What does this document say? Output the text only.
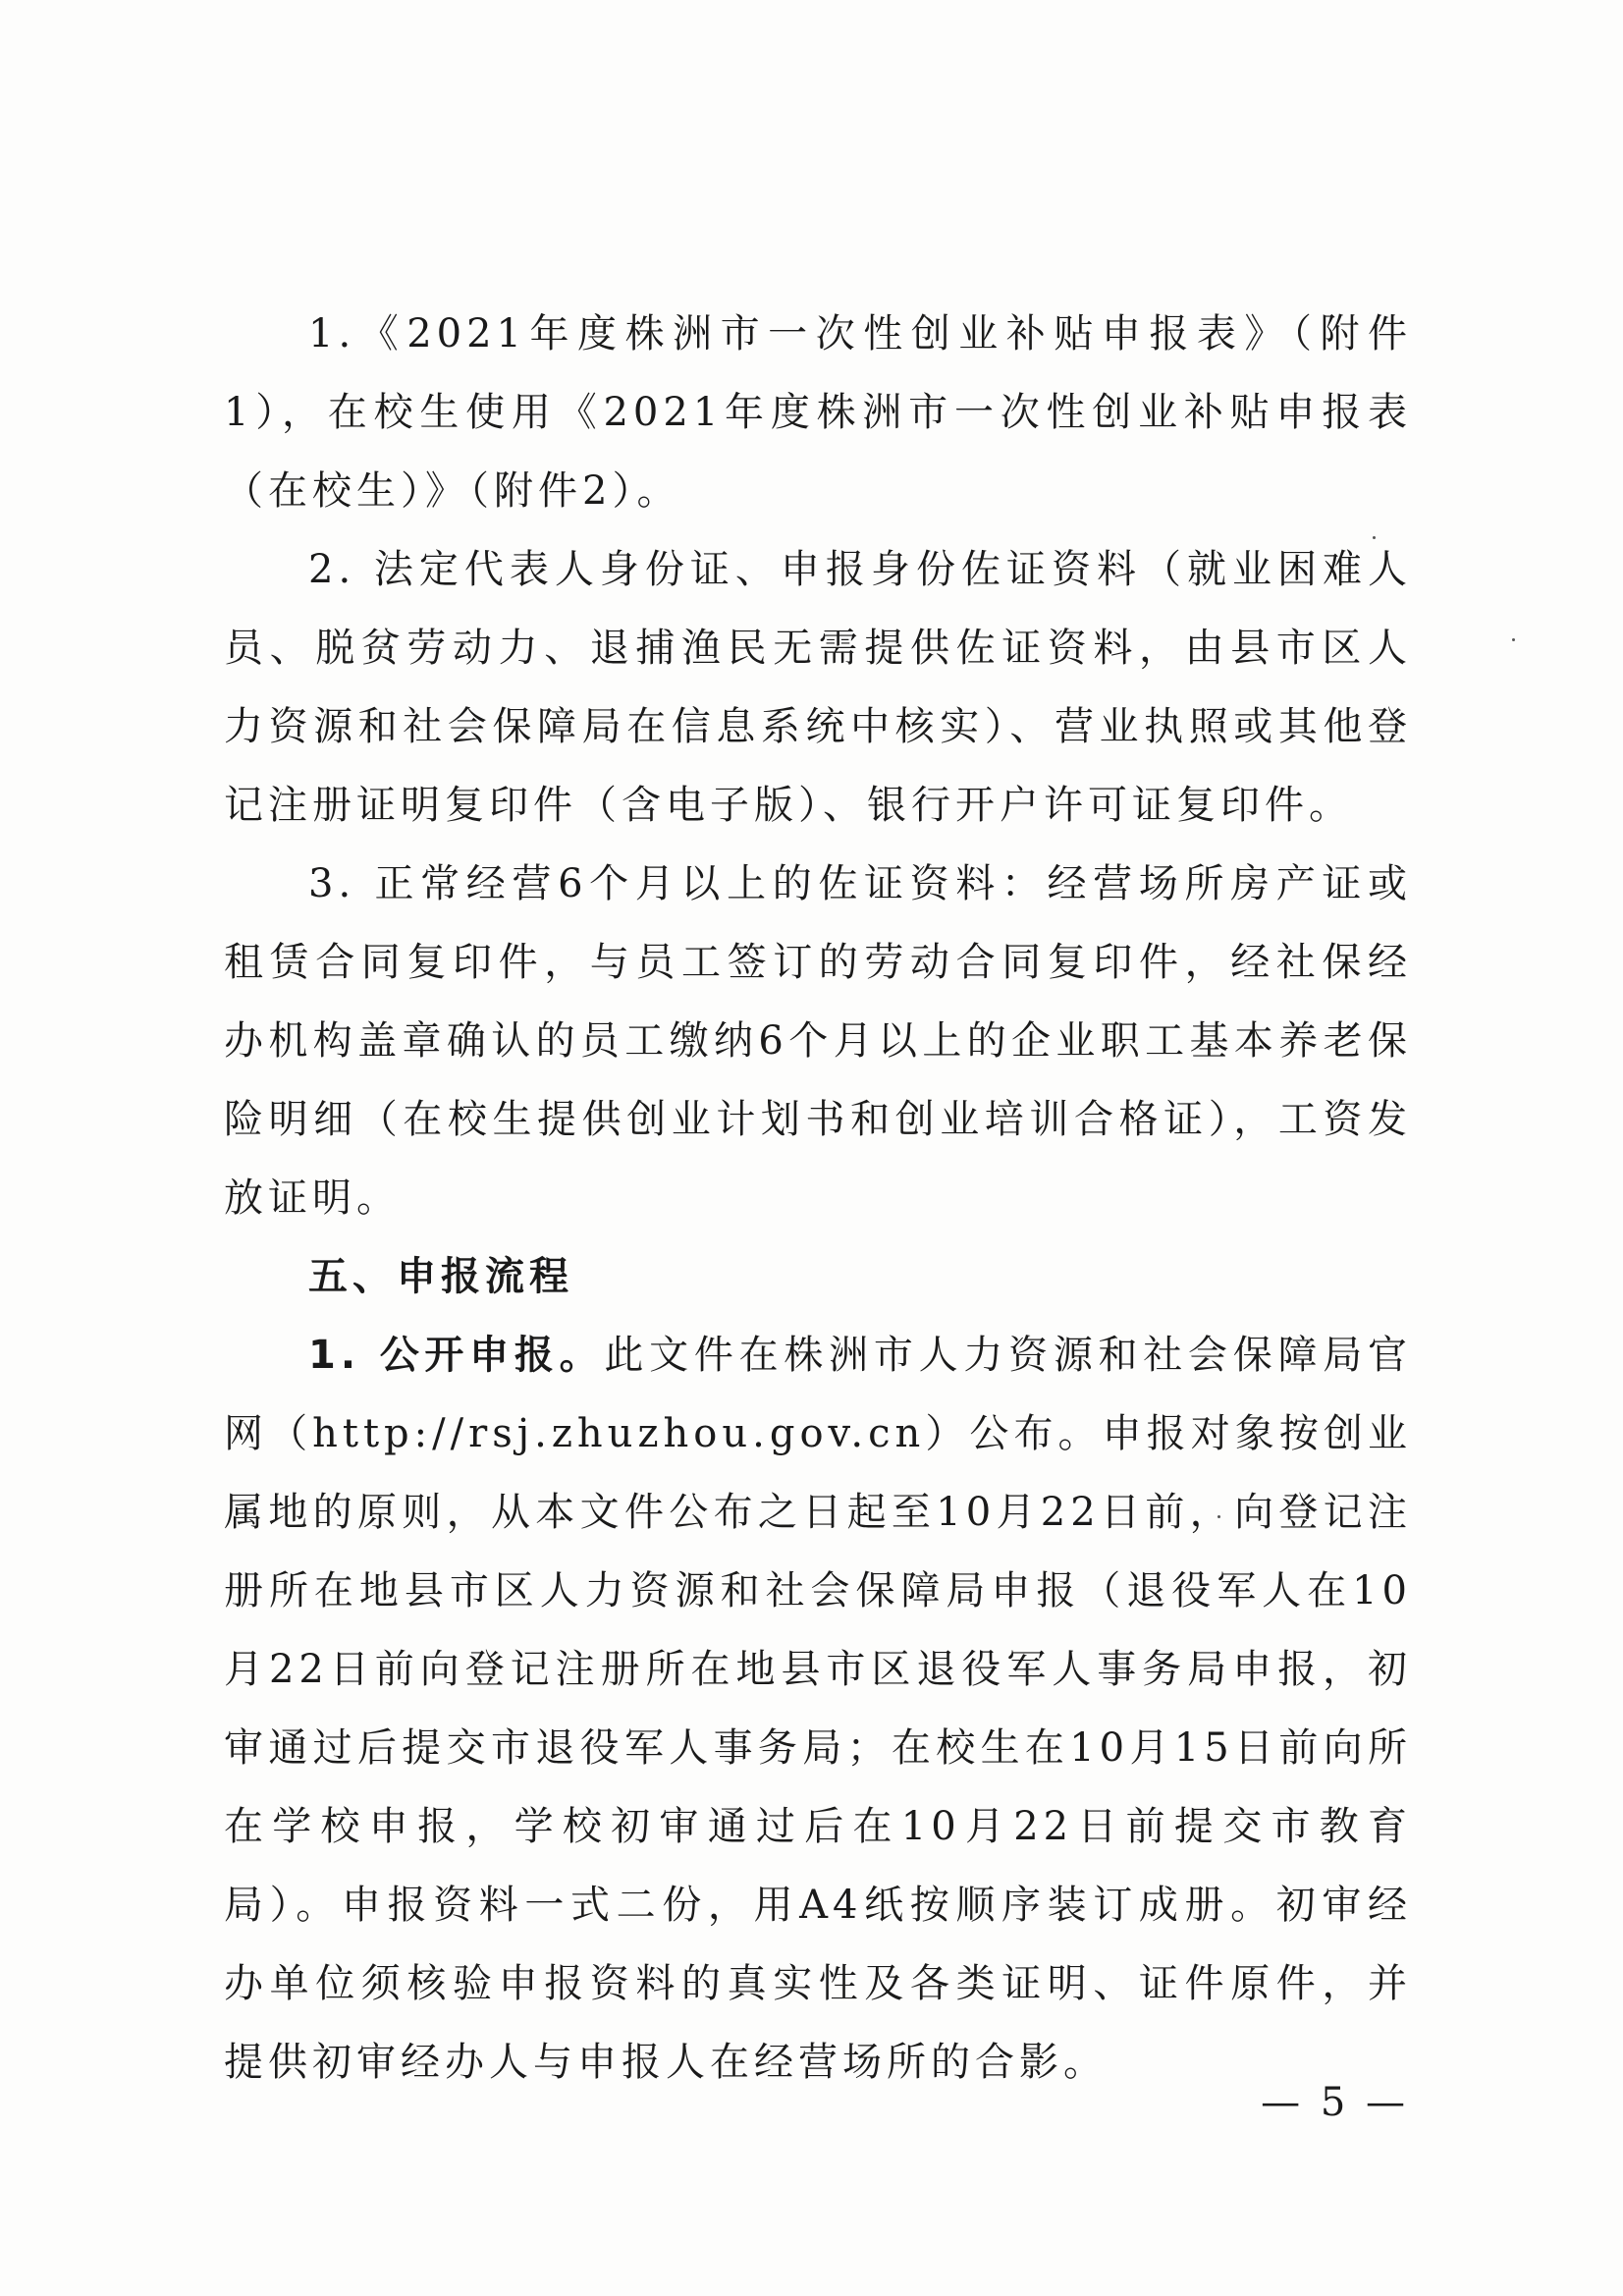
1.《2021年度株洲市一次性创业补贴申报表》（附件1），在校生使用《2021年度株洲市一次性创业补贴申报表（在校生）》（附件2）。

2. 法定代表人身份证、申报身份佐证资料（就业困难人员、脱贫劳动力、退捕渔民无需提供佐证资料，由县市区人力资源和社会保障局在信息系统中核实）、营业执照或其他登记注册证明复印件（含电子版）、银行开户许可证复印件。

3. 正常经营6个月以上的佐证资料：经营场所房产证或租赁合同复印件，与员工签订的劳动合同复印件，经社保经办机构盖章确认的员工缴纳6个月以上的企业职工基本养老保险明细（在校生提供创业计划书和创业培训合格证），工资发放证明。

五、申报流程

1. 公开申报。此文件在株洲市人力资源和社会保障局官网（http://rsj.zhuzhou.gov.cn）公布。申报对象按创业属地的原则，从本文件公布之日起至10月22日前，向登记注册所在地县市区人力资源和社会保障局申报（退役军人在10月22日前向登记注册所在地县市区退役军人事务局申报，初审通过后提交市退役军人事务局；在校生在10月15日前向所在学校申报，学校初审通过后在10月22日前提交市教育局）。申报资料一式二份，用A4纸按顺序装订成册。初审经办单位须核验申报资料的真实性及各类证明、证件原件，并提供初审经办人与申报人在经营场所的合影。

— 5 —
